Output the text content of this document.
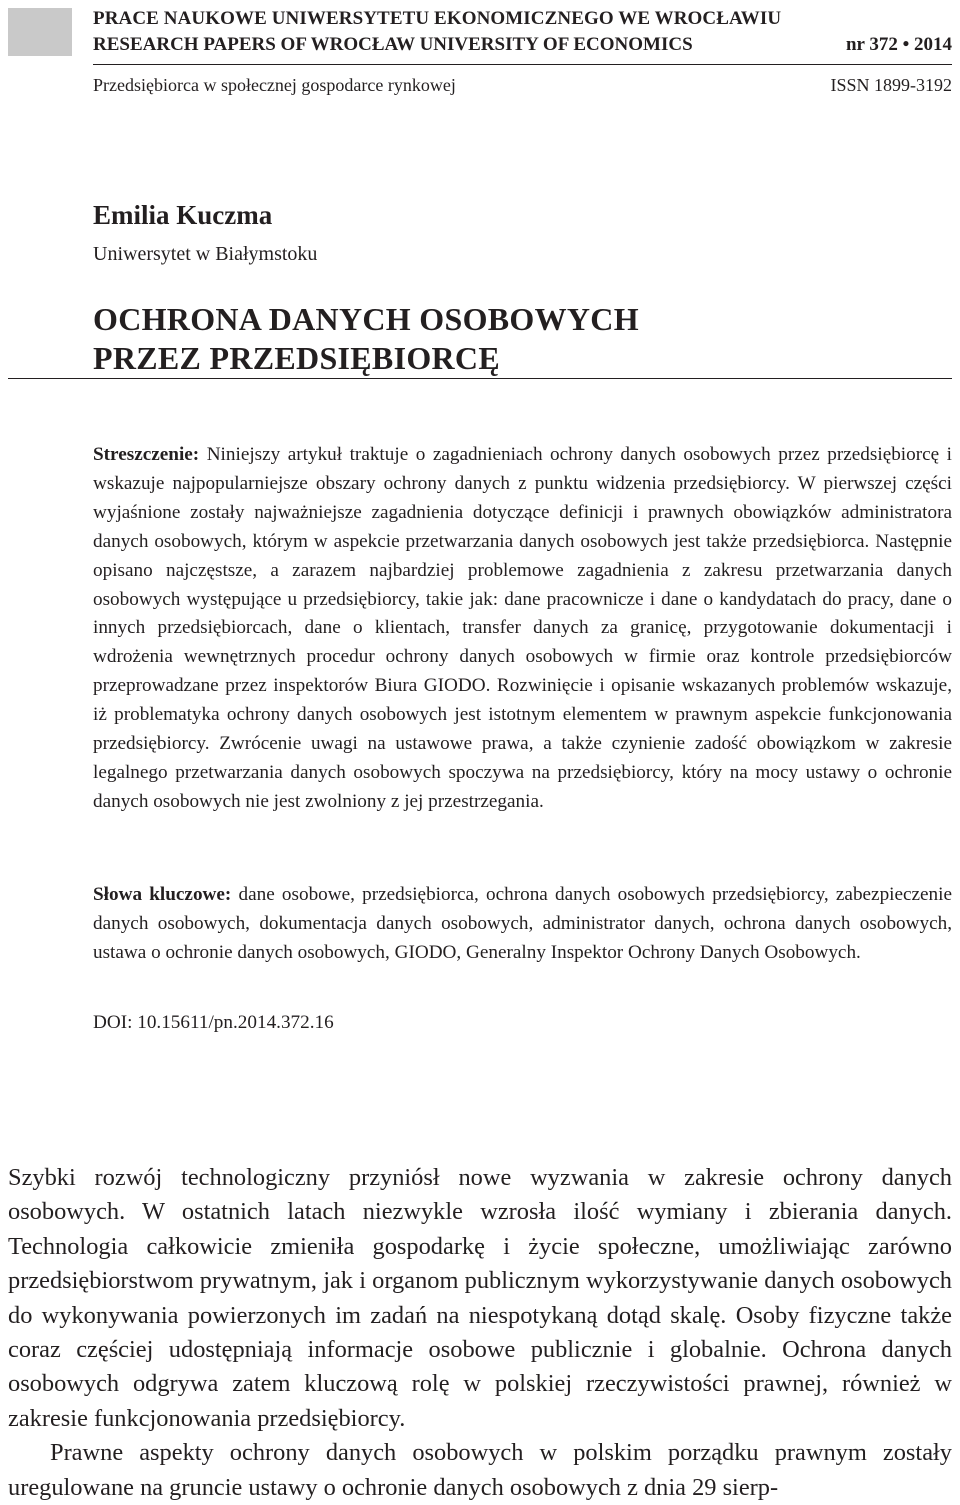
PRACE NAUKOWE UNIWERSYTETU EKONOMICZNEGO WE WROCŁAWIU
RESEARCH PAPERS OF WROCŁAW UNIVERSITY OF ECONOMICS	nr 372 • 2014
Przedsiębiorca w społecznej gospodarce rynkowej	ISSN 1899-3192
Emilia Kuczma
Uniwersytet w Białymstoku
OCHRONA DANYCH OSOBOWYCH
PRZEZ PRZEDSIĘBIORCĘ
Streszczenie: Niniejszy artykuł traktuje o zagadnieniach ochrony danych osobowych przez przedsiębiorcę i wskazuje najpopularniejsze obszary ochrony danych z punktu widzenia przedsiębiorcy. W pierwszej części wyjaśnione zostały najważniejsze zagadnienia dotyczące definicji i prawnych obowiązków administratora danych osobowych, którym w aspekcie przetwarzania danych osobowych jest także przedsiębiorca. Następnie opisano najczęstsze, a zarazem najbardziej problemowe zagadnienia z zakresu przetwarzania danych osobowych występujące u przedsiębiorcy, takie jak: dane pracownicze i dane o kandydatach do pracy, dane o innych przedsiębiorcach, dane o klientach, transfer danych za granicę, przygotowanie dokumentacji i wdrożenia wewnętrznych procedur ochrony danych osobowych w firmie oraz kontrole przedsiębiorców przeprowadzane przez inspektorów Biura GIODO. Rozwinięcie i opisanie wskazanych problemów wskazuje, iż problematyka ochrony danych osobowych jest istotnym elementem w prawnym aspekcie funkcjonowania przedsiębiorcy. Zwrócenie uwagi na ustawowe prawa, a także czynienie zadość obowiązkom w zakresie legalnego przetwarzania danych osobowych spoczywa na przedsiębiorcy, który na mocy ustawy o ochronie danych osobowych nie jest zwolniony z jej przestrzegania.
Słowa kluczowe: dane osobowe, przedsiębiorca, ochrona danych osobowych przedsiębiorcy, zabezpieczenie danych osobowych, dokumentacja danych osobowych, administrator danych, ochrona danych osobowych, ustawa o ochronie danych osobowych, GIODO, Generalny Inspektor Ochrony Danych Osobowych.
DOI: 10.15611/pn.2014.372.16

Szybki rozwój technologiczny przyniósł nowe wyzwania w zakresie ochrony danych osobowych. W ostatnich latach niezwykle wzrosła ilość wymiany i zbierania danych. Technologia całkowicie zmieniła gospodarkę i życie społeczne, umożliwiając zarówno przedsiębiorstwom prywatnym, jak i organom publicznym wykorzystywanie danych osobowych do wykonywania powierzonych im zadań na niespotykaną dotąd skalę. Osoby fizyczne także coraz częściej udostępniają informacje osobowe publicznie i globalnie. Ochrona danych osobowych odgrywa zatem kluczową rolę w polskiej rzeczywistości prawnej, również w zakresie funkcjonowania przedsiębiorcy.

Prawne aspekty ochrony danych osobowych w polskim porządku prawnym zostały uregulowane na gruncie ustawy o ochronie danych osobowych z dnia 29 sierp-
